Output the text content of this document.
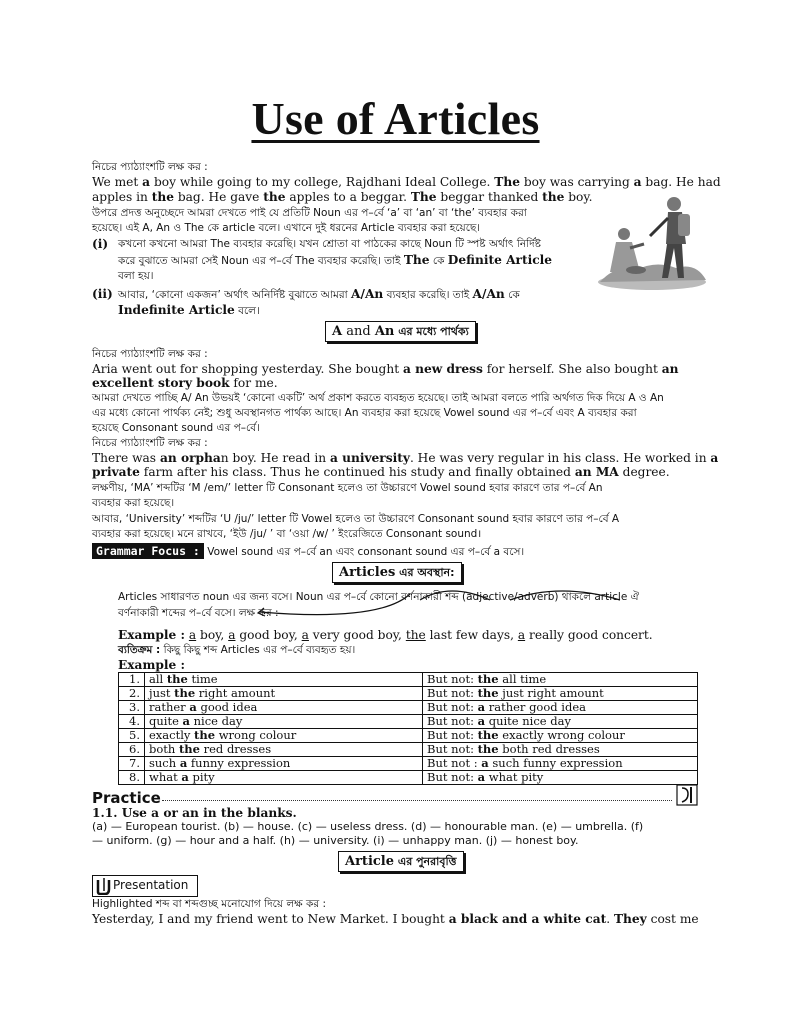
Use of Articles
নিচের প্যাঠ্যাংশটি লক্ষ কর :
We met a boy while going to my college, Rajdhani Ideal College. The boy was carrying a bag. He had
apples in the bag. He gave the apples to a beggar. The beggar thanked the boy.
উপরে প্রদত্ত অনুচ্ছেদে আমরা দেখতে পাই যে প্রতিটি Noun এর প–র্বে ‘a’ বা ‘an’ বা ‘the’ ব্যবহার করা
হয়েছে। এই A, An ও The কে article বলে। এখানে দুই ধরনের Article ব্যবহার করা হয়েছে।
(i) কখনো কখনো আমরা The ব্যবহার করেছি। যখন শ্রোতা বা পাঠকের কাছে Noun টি স্পষ্ট অর্থাৎ নির্দিষ্ট
করে বুঝাতে আমরা সেই Noun এর প–র্বে The ব্যবহার করেছি। তাই The কে Definite Article
বলা হয়।
(ii) আবার, ‘কোনো একজন’ অর্থাৎ অনির্দিষ্ট বুঝাতে আমরা A/An ব্যবহার করেছি। তাই A/An কে
Indefinite Article বলে।
A and An এর মধ্যে পার্থক্য
নিচের প্যাঠ্যাংশটি লক্ষ কর :
Aria went out for shopping yesterday. She bought a new dress for herself. She also bought an
excellent story book for me.
আমরা দেখতে পাচ্ছি A/ An উভয়ই ‘কোনো একটি’ অর্থ প্রকাশ করতে ব্যবহৃত হয়েছে। তাই আমরা বলতে পারি অর্থগত দিক দিয়ে A ও An
এর মধ্যে কোনো পার্থক্য নেই; শুধু অবস্থানগত পার্থক্য আছে। An ব্যবহার করা হয়েছে Vowel sound এর প–র্বে এবং A ব্যবহার করা
হয়েছে Consonant sound এর প–র্বে।
নিচের প্যাঠ্যাংশটি লক্ষ কর :
There was an orphan boy. He read in a university. He was very regular in his class. He worked in a
private farm after his class. Thus he continued his study and finally obtained an MA degree.
লক্ষণীয়, ‘MA’ শব্দটির ‘M /em/’ letter টি Consonant হলেও তা উচ্চারণে Vowel sound হবার কারণে তার প–র্বে An
ব্যবহার করা হয়েছে।
আবার, ‘University’ শব্দটির ‘U /ju/’ letter টি Vowel হলেও তা উচ্চারণে Consonant sound হবার কারণে তার প–র্বে A
ব্যবহার করা হয়েছে। মনে রাখবে, ‘ইউ /ju/ ’ বা ‘ওয়া /w/ ’ ইংরেজিতে Consonant sound।
Grammar Focus : Vowel sound এর প–র্বে an এবং consonant sound এর প–র্বে a বসে।
Articles এর অবস্থান:
Articles সাধারণত noun এর জন্য বসে। Noun এর প–র্বে কোনো বর্ণনাকারী শব্দ (adjective/adverb) থাকলে article ঐ
বর্ণনাকারী শব্দের প–র্বে বসে। লক্ষ কর :
Example : a boy, a good boy, a very good boy, the last few days, a really good concert.
ব্যতিক্রম : কিছু কিছু শব্দ Articles এর প–র্বে ব্যবহৃত হয়।
Example :
1.	all the time	But not: the all time
2.	just the right amount	But not: the just right amount
3.	rather a good idea	But not: a rather good idea
4.	quite a nice day	But not: a quite nice day
5.	exactly the wrong colour	But not: the exactly wrong colour
6.	both the red dresses	But not: the both red dresses
7.	such a funny expression	But not : a such funny expression
8.	what a pity	But not: a what pity
Practice
1.1. Use a or an in the blanks.
(a) — European tourist. (b) — house. (c) — useless dress. (d) — honourable man. (e) — umbrella. (f)
— uniform. (g) — hour and a half. (h) — university. (i) — unhappy man. (j) — honest boy.
Article এর পুনরাবৃত্তি
Presentation
Highlighted শব্দ বা শব্দগুচ্ছ মনোযোগ দিয়ে লক্ষ কর :
Yesterday, I and my friend went to New Market. I bought a black and a white cat. They cost me
